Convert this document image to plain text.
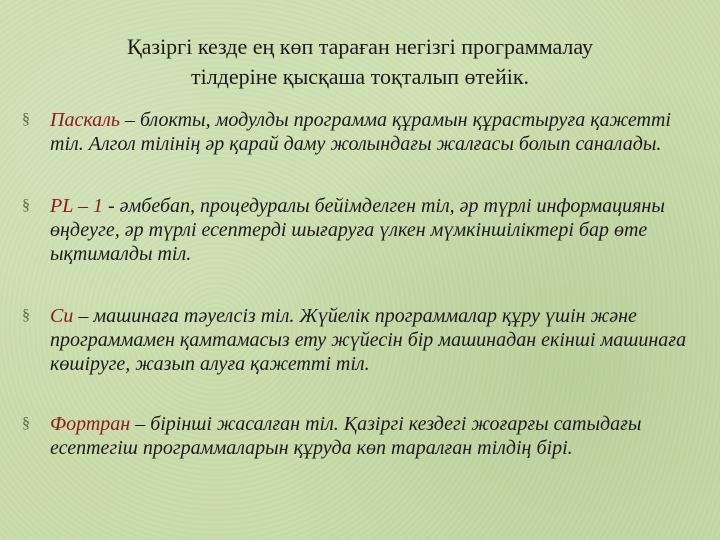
Қазіргі кезде ең көп тараған негізгі программалау
тілдеріне қысқаша тоқталып өтейік.
§ Паскаль – блокты, модулды программа құрамын құрастыруға қажетті тіл. Алгол тілінің әр қарай даму жолындағы жалғасы болып саналады.
§ PL – 1 - әмбебап, процедуралы бейімделген тіл, әр түрлі информацияны өңдеуге, әр түрлі есептерді шығаруға үлкен мүмкіншіліктері бар өте ықтималды тіл.
§ Си – машинаға тәуелсіз тіл. Жүйелік программалар құру үшін және программамен қамтамасыз ету жүйесін бір машинадан екінші машинаға көшіруге, жазып алуға қажетті тіл.
§ Фортран – бірінші жасалған тіл. Қазіргі кездегі жоғарғы сатыдағы есептегіш программаларын құруда көп таралған тілдің бірі.
